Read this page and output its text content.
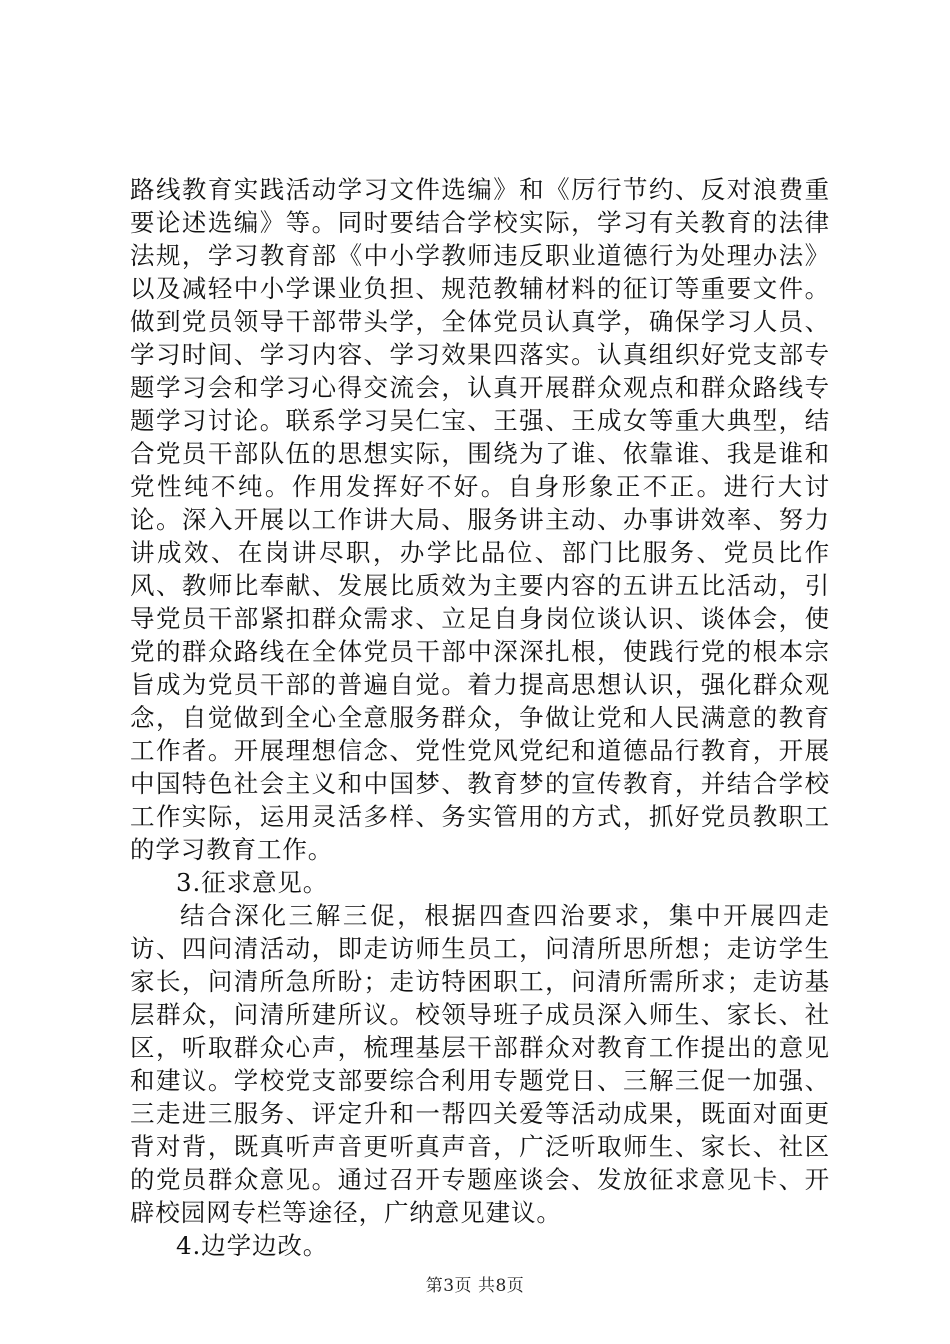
路线教育实践活动学习文件选编》和《厉行节约、反对浪费重要论述选编》等。同时要结合学校实际，学习有关教育的法律法规，学习教育部《中小学教师违反职业道德行为处理办法》以及减轻中小学课业负担、规范教辅材料的征订等重要文件。做到党员领导干部带头学，全体党员认真学，确保学习人员、学习时间、学习内容、学习效果四落实。认真组织好党支部专题学习会和学习心得交流会，认真开展群众观点和群众路线专题学习讨论。联系学习吴仁宝、王强、王成女等重大典型，结合党员干部队伍的思想实际，围绕为了谁、依靠谁、我是谁和党性纯不纯。作用发挥好不好。自身形象正不正。进行大讨论。深入开展以工作讲大局、服务讲主动、办事讲效率、努力讲成效、在岗讲尽职，办学比品位、部门比服务、党员比作风、教师比奉献、发展比质效为主要内容的五讲五比活动，引导党员干部紧扣群众需求、立足自身岗位谈认识、谈体会，使党的群众路线在全体党员干部中深深扎根，使践行党的根本宗旨成为党员干部的普遍自觉。着力提高思想认识，强化群众观念，自觉做到全心全意服务群众，争做让党和人民满意的教育工作者。开展理想信念、党性党风党纪和道德品行教育，开展中国特色社会主义和中国梦、教育梦的宣传教育，并结合学校工作实际，运用灵活多样、务实管用的方式，抓好党员教职工的学习教育工作。

3.征求意见。

结合深化三解三促，根据四查四治要求，集中开展四走访、四问清活动，即走访师生员工，问清所思所想；走访学生家长，问清所急所盼；走访特困职工，问清所需所求；走访基层群众，问清所建所议。校领导班子成员深入师生、家长、社区，听取群众心声，梳理基层干部群众对教育工作提出的意见和建议。学校党支部要综合利用专题党日、三解三促一加强、三走进三服务、评定升和一帮四关爱等活动成果，既面对面更背对背，既真听声音更听真声音，广泛听取师生、家长、社区的党员群众意见。通过召开专题座谈会、发放征求意见卡、开辟校园网专栏等途径，广纳意见建议。

4.边学边改。

第3页 共8页
